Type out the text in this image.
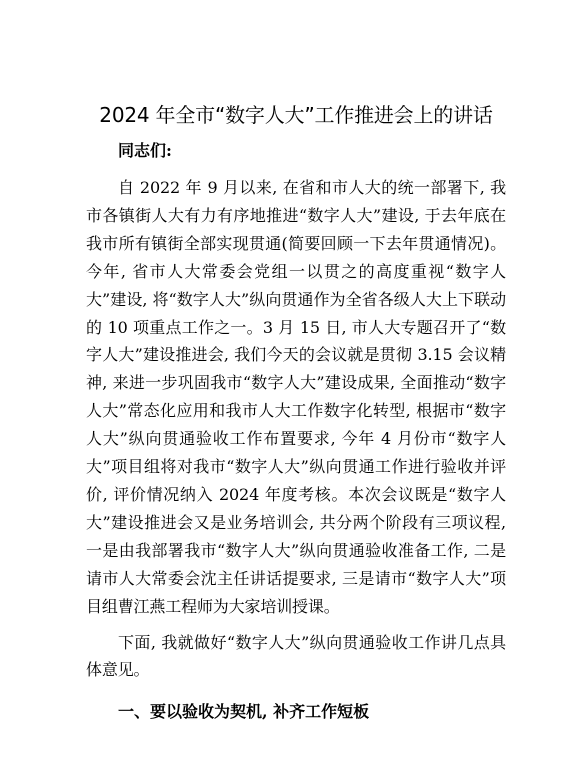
2024 年全市“数字人大”工作推进会上的讲话

同志们:

自 2022 年 9 月以来, 在省和市人大的统一部署下, 我市各镇街人大有力有序地推进“数字人大”建设, 于去年底在我市所有镇街全部实现贯通(简要回顾一下去年贯通情况)。今年, 省市人大常委会党组一以贯之的高度重视“数字人大”建设, 将“数字人大”纵向贯通作为全省各级人大上下联动的 10 项重点工作之一。3 月 15 日, 市人大专题召开了“数字人大”建设推进会, 我们今天的会议就是贯彻 3.15 会议精神, 来进一步巩固我市“数字人大”建设成果, 全面推动“数字人大”常态化应用和我市人大工作数字化转型, 根据市“数字人大”纵向贯通验收工作布置要求, 今年 4 月份市“数字人大”项目组将对我市“数字人大”纵向贯通工作进行验收并评价, 评价情况纳入 2024 年度考核。本次会议既是“数字人大”建设推进会又是业务培训会, 共分两个阶段有三项议程, 一是由我部署我市“数字人大”纵向贯通验收准备工作, 二是请市人大常委会沈主任讲话提要求, 三是请市“数字人大”项目组曹江燕工程师为大家培训授课。

下面, 我就做好“数字人大”纵向贯通验收工作讲几点具体意见。

一、要以验收为契机, 补齐工作短板
